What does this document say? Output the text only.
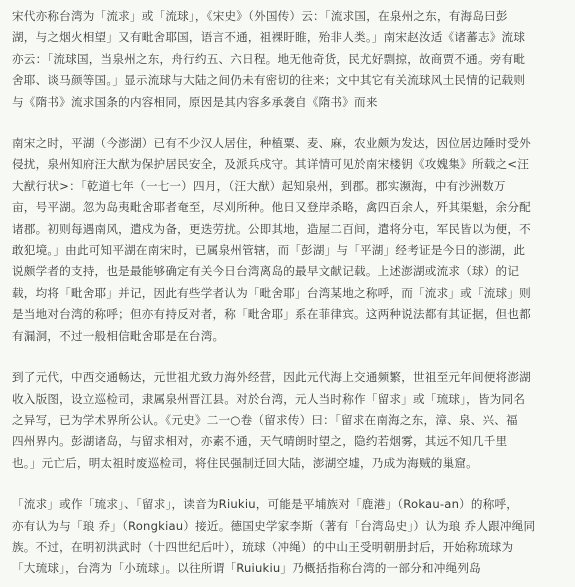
宋代亦称台湾为「流求」或「流球」，《宋史》（外国传）云：「流求国，在泉州之东，有海岛曰彭
湖，与之烟火相望」又有毗舍耶国，语言不通，祖裸盱睢，殆非人类。」南宋赵汝适《诸蕃志》流球
亦云：「流球国，当泉州之东，舟行约五、六日程。地无他奇货，民尤好剽掠，故商贾不通。旁有毗
舍耶、谈马颜等国。」显示流球与大陆之间仍未有密切的往来；文中其它有关流球风土民情的记载则
与《隋书》流求国条的内容相同，原因是其内容多承袭自《隋书》而来

南宋之时，平湖（今澎湖）已有不少汉人居住，种植粟、麦、麻，农业颇为发达，因位居边陲时受外
侵扰，泉州知府汪大猷为保护居民安全，及派兵戍守。其详情可见於南宋楼钥《攻媿集》所载之<汪
大猷行状>：「乾道七年（一七一）四月，（汪大猷）起知泉州，到郡。郡实濒海，中有沙洲数万
亩，号平湖。忽为岛夷毗舍耶者奄至，尽刈所种。他日又登岸杀略，禽四百余人，歼其渠魁，余分配
诸郡。初则每遇南风，遣戍为备，更迭劳扰。公即其地，造屋二百间，遣将分屯，军民皆以为便，不
敢犯境。」由此可知平湖在南宋时，已属泉州管辖，而「彭湖」与「平湖」经考证是今日的澎湖，此
说颇学者的支持，也是最能够确定有关今日台湾离岛的最早文献记载。上述澎湖或流求（球）的记
载，均将「毗舍耶」并记，因此有些学者认为「毗舍耶」台湾某地之称呼，而「流求」或「流球」则
是当地对台湾的称呼；但亦有持反对者，称「毗舍耶」系在菲律宾。这两种说法都有其证据，但也都
有漏洞，不过一般相信毗舍耶是在台湾。

到了元代，中西交通畅达，元世祖尤致力海外经营，因此元代海上交通频繁，世祖至元年间便将澎湖
收入版图，设立巡检司，隶属泉州晋江县。对於台湾，元人当时称作「留求」或「琉球」，皆为同名
之异写，已为学术界所公认。《元史》二一○卷（留求传）曰：「留求在南海之东，漳、泉、兴、福
四州界内。彭湖诸岛，与留求相对，亦素不通，天气晴朗时望之，隐约若烟雾，其远不知几千里
也。」元亡后，明太祖时废巡检司，将住民强制迁回大陆，澎湖空墟，乃成为海贼的巢窟。

「流求」或作「琉求」、「留求」，读音为Riukiu，可能是平埔族对「鹿港」（Rokau-an）的称呼，
亦有认为与「琅 乔」（Rongkiau）接近。德国史学家李斯（著有「台湾岛史」）认为琅 乔人跟冲绳同
族。不过，在明初洪武时（十四世纪后叶），琉球（冲绳）的中山王受明朝册封后，开始称琉球为
「大琉球」，台湾为「小琉球」。以往所谓「Ruiukiu」乃概括指称台湾的一部分和冲绳列岛
